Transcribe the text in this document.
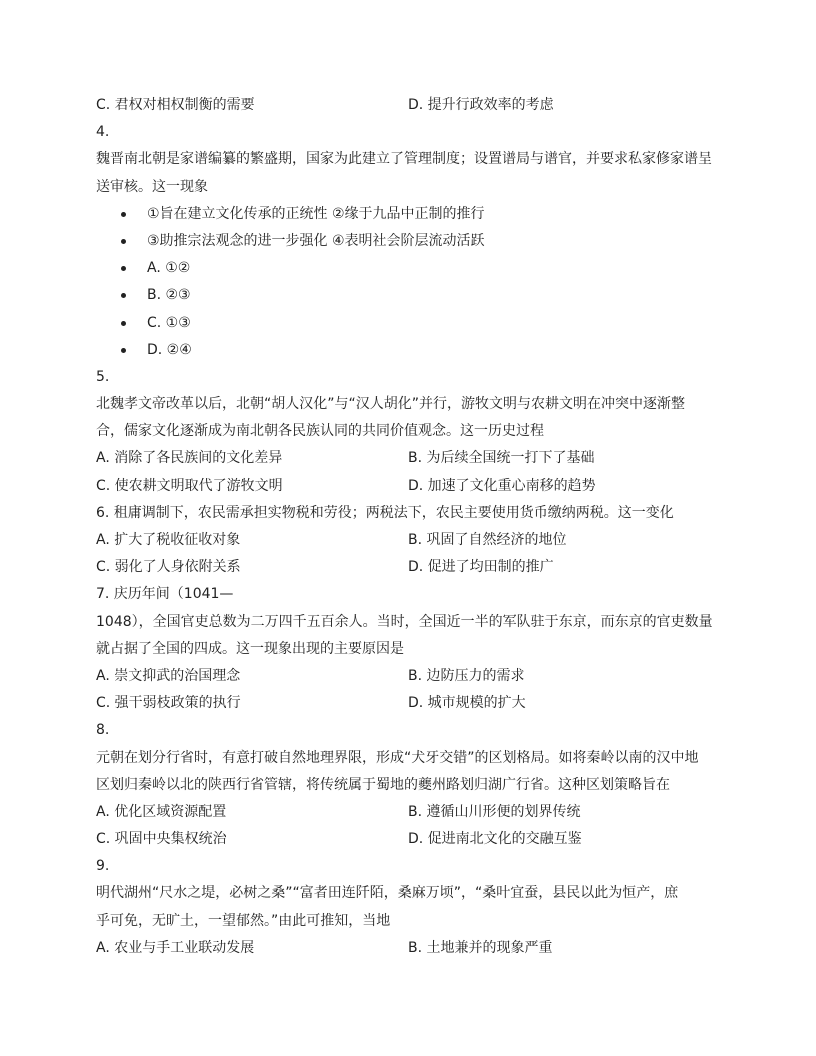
C. 君权对相权制衡的需要	D. 提升行政效率的考虑
4.
魏晋南北朝是家谱编纂的繁盛期，国家为此建立了管理制度；设置谱局与谱官，并要求私家修家谱呈
送审核。这一现象
①旨在建立文化传承的正统性 ②缘于九品中正制的推行
③助推宗法观念的进一步强化 ④表明社会阶层流动活跃
A. ①②
B. ②③
C. ①③
D. ②④
5.
北魏孝文帝改革以后，北朝“胡人汉化”与“汉人胡化”并行，游牧文明与农耕文明在冲突中逐渐整
合，儒家文化逐渐成为南北朝各民族认同的共同价值观念。这一历史过程
A. 消除了各民族间的文化差异	B. 为后续全国统一打下了基础
C. 使农耕文明取代了游牧文明	D. 加速了文化重心南移的趋势
6. 租庸调制下，农民需承担实物税和劳役；两税法下，农民主要使用货币缴纳两税。这一变化
A. 扩大了税收征收对象	B. 巩固了自然经济的地位
C. 弱化了人身依附关系	D. 促进了均田制的推广
7. 庆历年间（1041—
1048），全国官吏总数为二万四千五百余人。当时，全国近一半的军队驻于东京，而东京的官吏数量
就占据了全国的四成。这一现象出现的主要原因是
A. 崇文抑武的治国理念	B. 边防压力的需求
C. 强干弱枝政策的执行	D. 城市规模的扩大
8.
元朝在划分行省时，有意打破自然地理界限，形成“犬牙交错”的区划格局。如将秦岭以南的汉中地
区划归秦岭以北的陕西行省管辖，将传统属于蜀地的夔州路划归湖广行省。这种区划策略旨在
A. 优化区域资源配置	B. 遵循山川形便的划界传统
C. 巩固中央集权统治	D. 促进南北文化的交融互鉴
9.
明代湖州“尺水之堤，必树之桑”“富者田连阡陌，桑麻万顷”，“桑叶宜蚕，县民以此为恒产，庶
乎可免，无旷土，一望郁然。”由此可推知，当地
A. 农业与手工业联动发展	B. 土地兼并的现象严重
